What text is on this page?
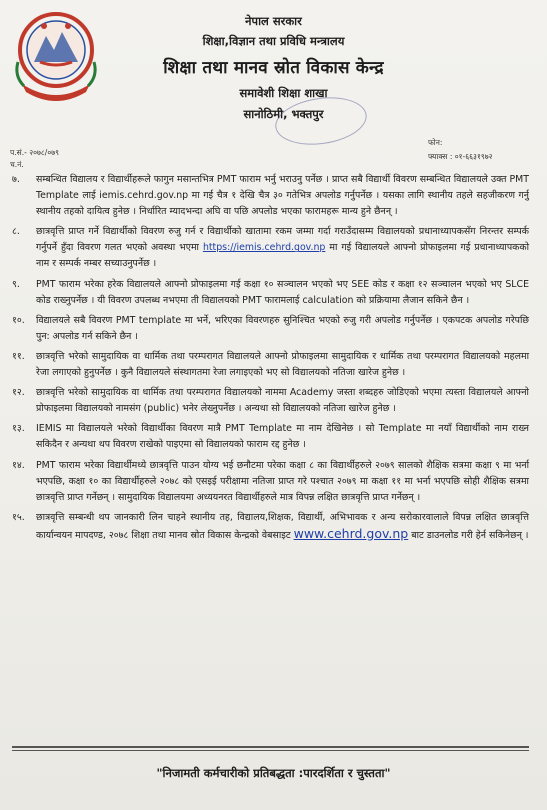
नेपाल सरकार
शिक्षा,विज्ञान तथा प्रविधि मन्त्रालय
शिक्षा तथा मानव स्रोत विकास केन्द्र
समावेशी शिक्षा शाखा
सानोठिमी, भक्तपुर
प.सं.- २०७८/०७९
च.नं.
फोन:
फ्याक्स : ०१-६६३१९७२
७.	सम्बन्धित विद्यालय र विद्यार्थीहरूले फागुन मसान्तभित्र PMT फाराम भर्नु भराउनु पर्नेछ । प्राप्त सबै विद्यार्थी विवरण सम्बन्धित विद्यालयले उक्त PMT Template लाई iemis.cehrd.gov.np मा गई चैत्र १ देखि चैत्र ३० गतेभित्र अपलोड गर्नुपर्नेछ । यसका लागि स्थानीय तहले सहजीकरण गर्नु स्थानीय तहको दायित्व हुनेछ । निर्धारित म्यादभन्दा अघि वा पछि अपलोड भएका फारामहरू मान्य हुने छैनन् ।
८.	छात्रवृत्ति प्राप्त गर्ने विद्यार्थीको विवरण रुजु गर्न र विद्यार्थीको खातामा रकम जम्मा गर्दा गराउँदासम्म विद्यालयको प्रधानाध्यापकसँग निरन्तर सम्पर्क गर्नुपर्ने हुँदा विवरण गलत भएको अवस्था भएमा https://iemis.cehrd.gov.np मा गई विद्यालयले आफ्नो प्रोफाइलमा गई प्रधानाध्यापकको नाम र सम्पर्क नम्बर सच्याउनुपर्नेछ ।
९.	PMT फाराम भरेका हरेक विद्यालयले आफ्नो प्रोफाइलमा गई कक्षा १० सञ्चालन भएको भए SEE कोड र कक्षा १२ सञ्चालन भएको भए SLCE कोड राख्नुपर्नेछ । यी विवरण उपलब्ध नभएमा ती विद्यालयको PMT फारामलाई calculation को प्रक्रियामा लैजान सकिने छैन ।
१०.	विद्यालयले सबै विवरण PMT template मा भर्ने, भरिएका विवरणहरु सुनिश्चित भएको रुजु गरी अपलोड गर्नुपर्नेछ । एकपटक अपलोड गरेपछि पुन: अपलोड गर्न सकिने छैन ।
११.	छात्रवृत्ति भरेको सामुदायिक वा धार्मिक तथा परम्परागत विद्यालयले आफ्नो प्रोफाइलमा सामुदायिक र धार्मिक तथा परम्परागत विद्यालयको महलमा रेजा लगाएको हुनुपर्नेछ । कुनै विद्यालयले संस्थागतमा रेजा लगाइएको भए सो विद्यालयको नतिजा खारेज हुनेछ ।
१२.	छात्रवृत्ति भरेको सामुदायिक वा धार्मिक तथा परम्परागत विद्यालयको नाममा Academy जस्ता शब्दहरु जोडिएको भएमा त्यस्ता विद्यालयले आफ्नो प्रोफाइलमा विद्यालयको नामसंग (public) भनेर लेख्नुपर्नेछ । अन्यथा सो विद्यालयको नतिजा खारेज हुनेछ ।
१३.	IEMIS मा विद्यालयले भरेको विद्यार्थीका विवरण मात्रै PMT Template मा नाम देखिनेछ । सो Template मा नयाँ विद्यार्थीको नाम राख्न सकिदैन र अन्यथा थप विवरण राखेको पाइएमा सो विद्यालयको फाराम रद्द हुनेछ ।
१४.	PMT फाराम भरेका विद्यार्थीमध्ये छात्रवृत्ति पाउन योग्य भई छनौटमा परेका कक्षा ८ का विद्यार्थीहरुले २०७९ सालको शैक्षिक सत्रमा कक्षा ९ मा भर्ना भएपछि, कक्षा १० का विद्यार्थीहरुले २०७८ को एसइई परीक्षामा नतिजा प्राप्त गरे पश्चात २०७९ मा कक्षा ११ मा भर्ना भएपछि सोही शैक्षिक सत्रमा छात्रवृत्ति प्राप्त गर्नेछन् । सामुदायिक विद्यालयमा अध्ययनरत विद्यार्थीहरुले मात्र विपन्न लक्षित छात्रवृत्ति प्राप्त गर्नेछन् ।
१५.	छात्रवृत्ति सम्बन्धी थप जानकारी लिन चाहने स्थानीय तह, विद्यालय,शिक्षक, विद्यार्थी, अभिभावक र अन्य सरोकारवालाले विपन्न लक्षित छात्रवृत्ति कार्यान्वयन मापदण्ड, २०७८ शिक्षा तथा मानव स्रोत विकास केन्द्रको वेबसाइट www.cehrd.gov.np बाट डाउनलोड गरी हेर्न सकिनेछन् ।
"निजामती कर्मचारीको प्रतिबद्धता :पारदर्शिता र चुस्तता"
